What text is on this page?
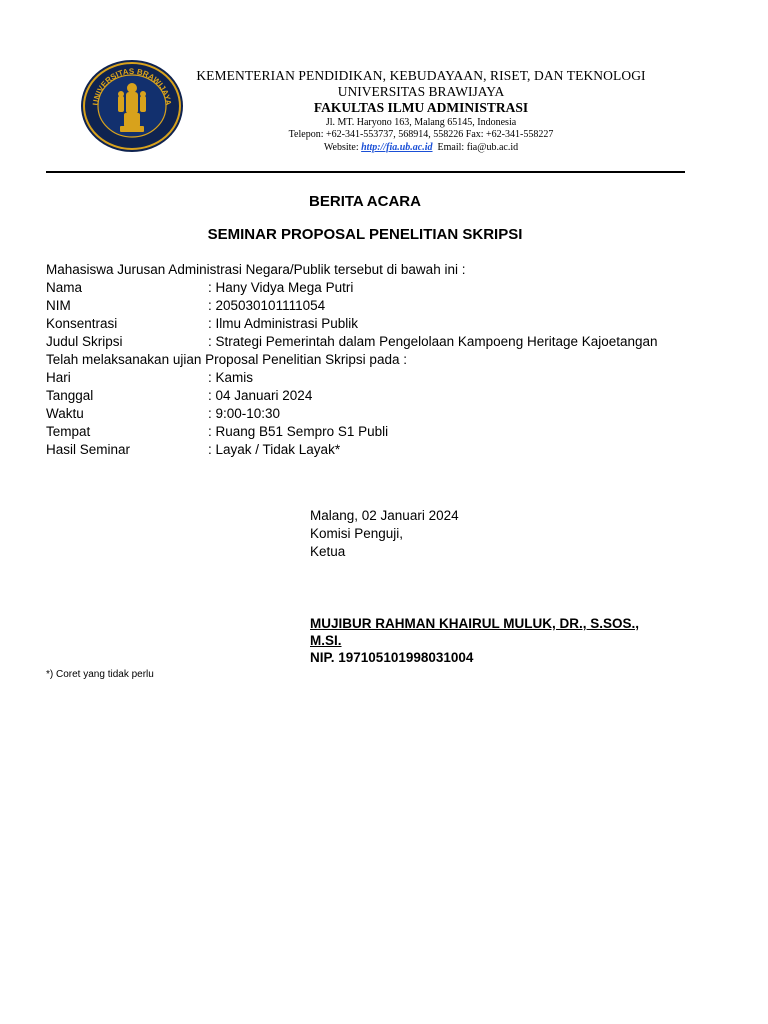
UNIVERSITAS BRAWIJAYA
KEMENTERIAN PENDIDIKAN, KEBUDAYAAN, RISET, DAN TEKNOLOGI
UNIVERSITAS BRAWIJAYA
FAKULTAS ILMU ADMINISTRASI
Jl. MT. Haryono 163, Malang 65145, Indonesia
Telepon: +62-341-553737, 568914, 558226 Fax: +62-341-558227
Website: http://fia.ub.ac.id Email: fia@ub.ac.id
BERITA ACARA
SEMINAR PROPOSAL PENELITIAN SKRIPSI
Mahasiswa Jurusan Administrasi Negara/Publik tersebut di bawah ini :
Nama	: Hany Vidya Mega Putri
NIM	: 205030101111054
Konsentrasi	: Ilmu Administrasi Publik
Judul Skripsi	: Strategi Pemerintah dalam Pengelolaan Kampoeng Heritage Kajoetangan
Telah melaksanakan ujian Proposal Penelitian Skripsi pada :
Hari	: Kamis
Tanggal	: 04 Januari 2024
Waktu	: 9:00-10:30
Tempat	: Ruang B51 Sempro S1 Publi
Hasil Seminar	: Layak / Tidak Layak*
Malang, 02 Januari 2024
Komisi Penguji,
Ketua
MUJIBUR RAHMAN KHAIRUL MULUK, DR., S.SOS., M.SI.
NIP. 197105101998031004
*) Coret yang tidak perlu
